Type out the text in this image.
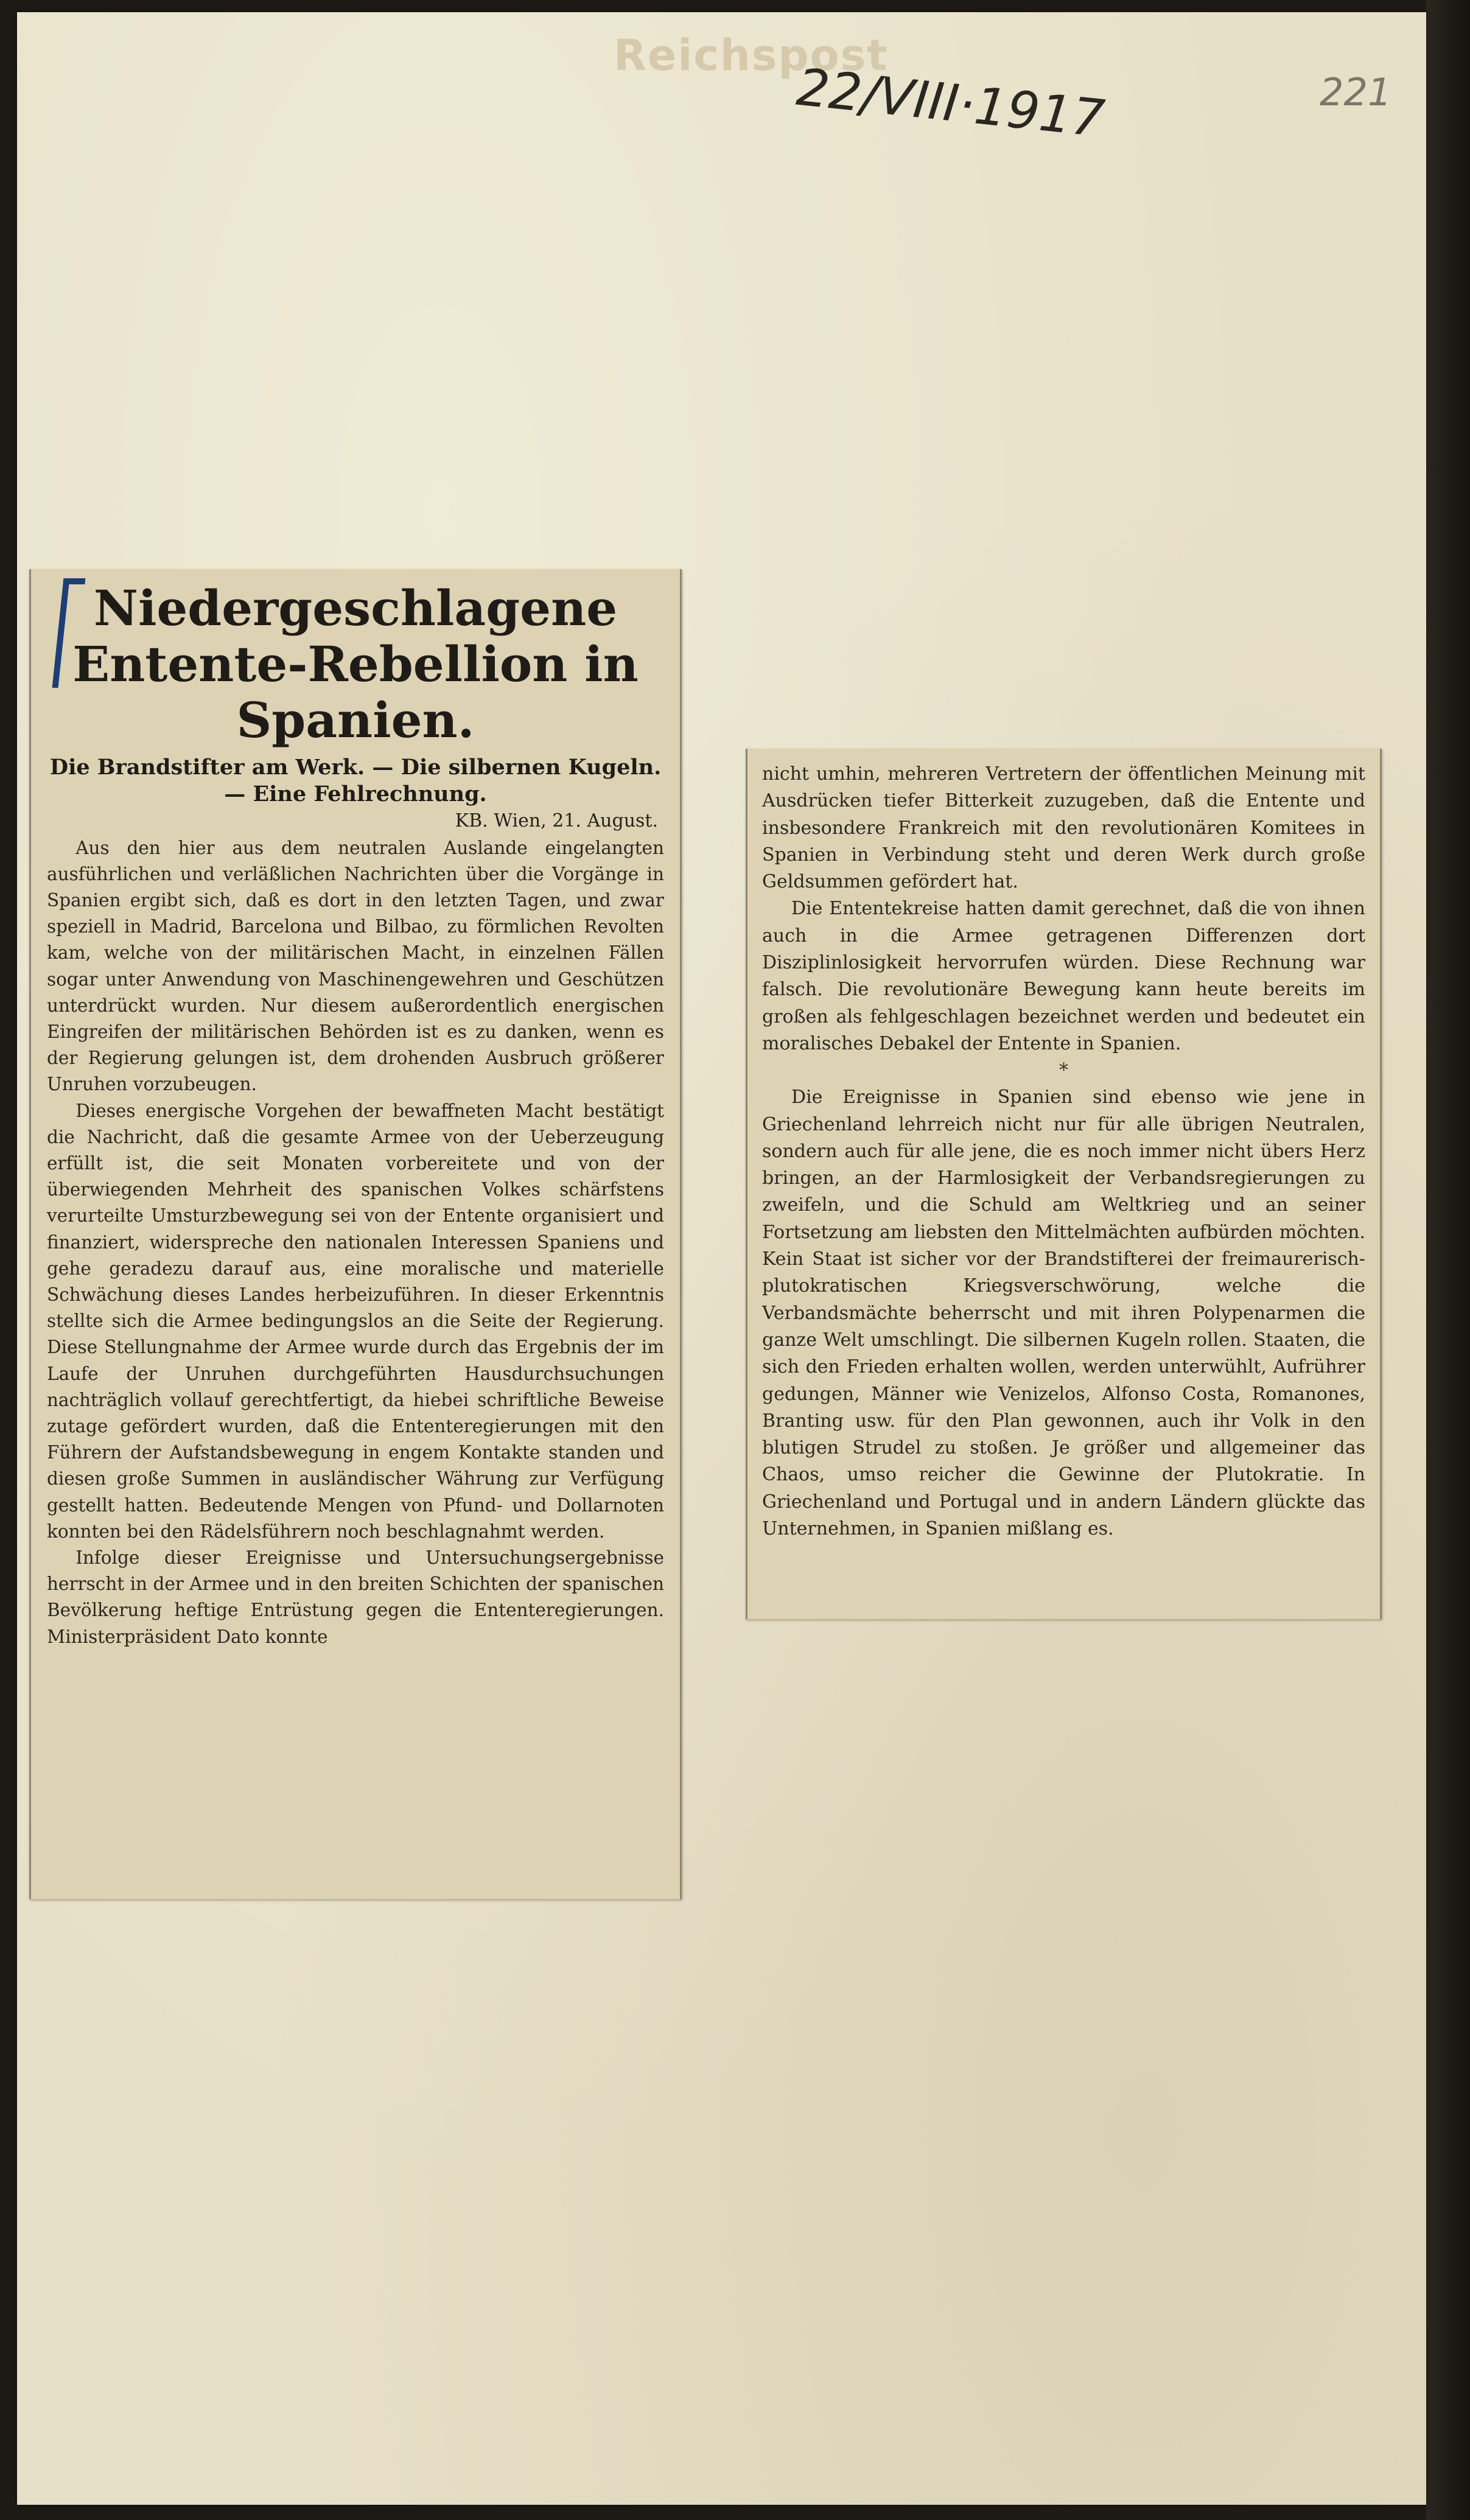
Reichspost
22/VIII·1917	221
Niedergeschlagene
Entente-Rebellion in
Spanien.
Die Brandstifter am Werk. — Die silbernen Kugeln. — Eine Fehlrechnung.
KB. Wien, 21. August.

Aus den hier aus dem neutralen Auslande eingelangten ausführlichen und verläßlichen Nachrichten über die Vorgänge in Spanien ergibt sich, daß es dort in den letzten Tagen, und zwar speziell in Madrid, Barcelona und Bilbao, zu förmlichen Revolten kam, welche von der militärischen Macht, in einzelnen Fällen sogar unter Anwendung von Maschinengewehren und Geschützen unterdrückt wurden. Nur diesem außerordentlich energischen Eingreifen der militärischen Behörden ist es zu danken, wenn es der Regierung gelungen ist, dem drohenden Ausbruch größerer Unruhen vorzubeugen.

Dieses energische Vorgehen der bewaffneten Macht bestätigt die Nachricht, daß die gesamte Armee von der Ueberzeugung erfüllt ist, die seit Monaten vorbereitete und von der überwiegenden Mehrheit des spanischen Volkes schärfstens verurteilte Umsturzbewegung sei von der Entente organisiert und finanziert, widerspreche den nationalen Interessen Spaniens und gehe geradezu darauf aus, eine moralische und materielle Schwächung dieses Landes herbeizuführen. In dieser Erkenntnis stellte sich die Armee bedingungslos an die Seite der Regierung. Diese Stellungnahme der Armee wurde durch das Ergebnis der im Laufe der Unruhen durchgeführten Hausdurchsuchungen nachträglich vollauf gerechtfertigt, da hiebei schriftliche Beweise zutage gefördert wurden, daß die Ententeregierungen mit den Führern der Aufstandsbewegung in engem Kontakte standen und diesen große Summen in ausländischer Währung zur Verfügung gestellt hatten. Bedeutende Mengen von Pfund- und Dollarnoten konnten bei den Rädelsführern noch beschlagnahmt werden.

Infolge dieser Ereignisse und Untersuchungsergebnisse herrscht in der Armee und in den breiten Schichten der spanischen Bevölkerung heftige Entrüstung gegen die Ententeregierungen. Ministerpräsident Dato konnte

nicht umhin, mehreren Vertretern der öffentlichen Meinung mit Ausdrücken tiefer Bitterkeit zuzugeben, daß die Entente und insbesondere Frankreich mit den revolutionären Komitees in Spanien in Verbindung steht und deren Werk durch große Geldsummen gefördert hat.

Die Ententekreise hatten damit gerechnet, daß die von ihnen auch in die Armee getragenen Differenzen dort Disziplinlosigkeit hervorrufen würden. Diese Rechnung war falsch. Die revolutionäre Bewegung kann heute bereits im großen als fehlgeschlagen bezeichnet werden und bedeutet ein moralisches Debakel der Entente in Spanien.

*

Die Ereignisse in Spanien sind ebenso wie jene in Griechenland lehrreich nicht nur für alle übrigen Neutralen, sondern auch für alle jene, die es noch immer nicht übers Herz bringen, an der Harmlosigkeit der Verbandsregierungen zu zweifeln, und die Schuld am Weltkrieg und an seiner Fortsetzung am liebsten den Mittelmächten aufbürden möchten. Kein Staat ist sicher vor der Brandstifterei der freimaurerisch-plutokratischen Kriegsverschwörung, welche die Verbandsmächte beherrscht und mit ihren Polypenarmen die ganze Welt umschlingt. Die silbernen Kugeln rollen. Staaten, die sich den Frieden erhalten wollen, werden unterwühlt, Aufrührer gedungen, Männer wie Venizelos, Alfonso Costa, Romanones, Branting usw. für den Plan gewonnen, auch ihr Volk in den blutigen Strudel zu stoßen. Je größer und allgemeiner das Chaos, umso reicher die Gewinne der Plutokratie. In Griechenland und Portugal und in andern Ländern glückte das Unternehmen, in Spanien mißlang es.
